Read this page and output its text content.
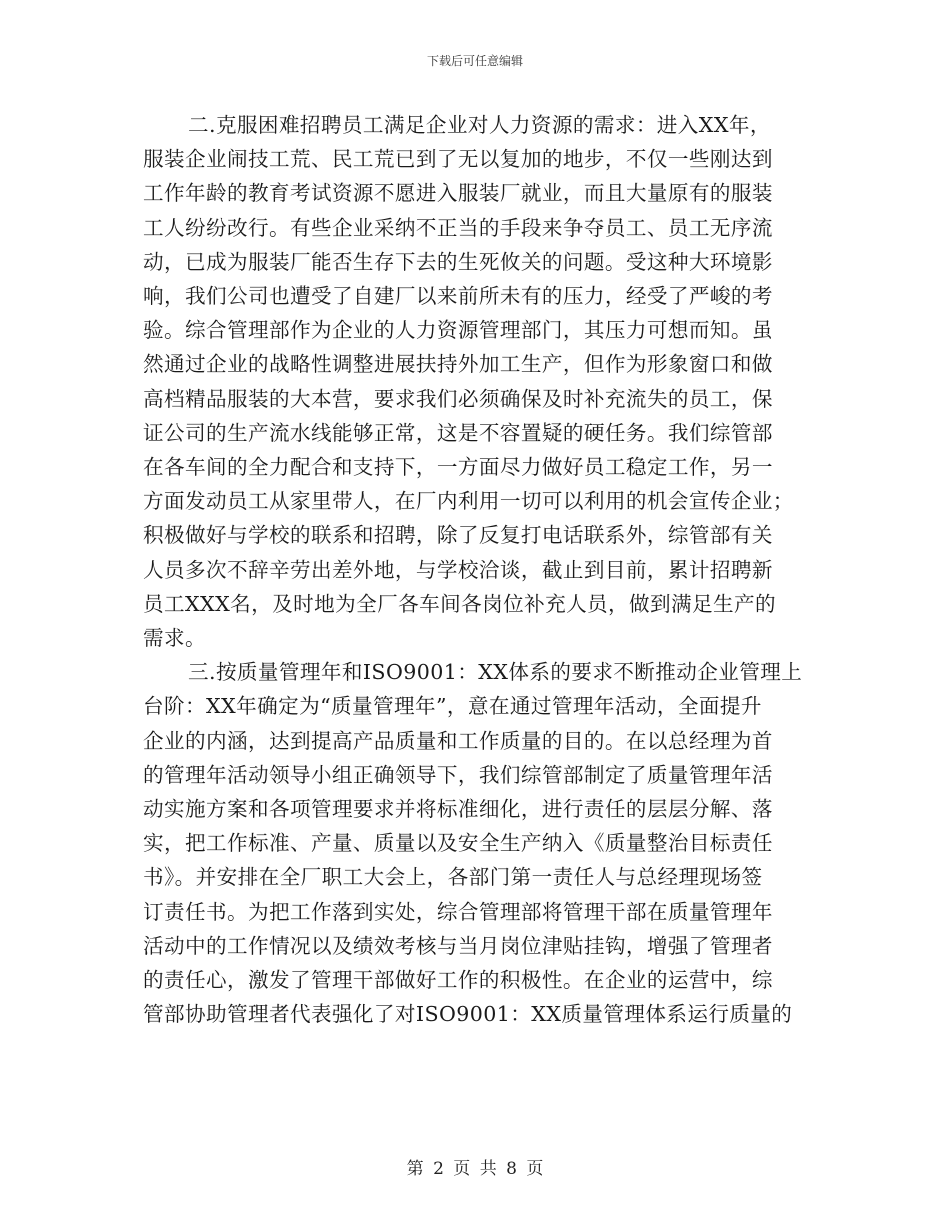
下载后可任意编辑
二.克服困难招聘员工满足企业对人力资源的需求：进入XX年，
服装企业闹技工荒、民工荒已到了无以复加的地步，不仅一些刚达到
工作年龄的教育考试资源不愿进入服装厂就业，而且大量原有的服装
工人纷纷改行。有些企业采纳不正当的手段来争夺员工、员工无序流
动，已成为服装厂能否生存下去的生死攸关的问题。受这种大环境影
响，我们公司也遭受了自建厂以来前所未有的压力，经受了严峻的考
验。综合管理部作为企业的人力资源管理部门，其压力可想而知。虽
然通过企业的战略性调整进展扶持外加工生产，但作为形象窗口和做
高档精品服装的大本营，要求我们必须确保及时补充流失的员工，保
证公司的生产流水线能够正常，这是不容置疑的硬任务。我们综管部
在各车间的全力配合和支持下，一方面尽力做好员工稳定工作，另一
方面发动员工从家里带人，在厂内利用一切可以利用的机会宣传企业；
积极做好与学校的联系和招聘，除了反复打电话联系外，综管部有关
人员多次不辞辛劳出差外地，与学校洽谈，截止到目前，累计招聘新
员工XXX名，及时地为全厂各车间各岗位补充人员，做到满足生产的
需求。
三.按质量管理年和ISO9001：XX体系的要求不断推动企业管理上
台阶：XX年确定为“质量管理年”，意在通过管理年活动，全面提升
企业的内涵，达到提高产品质量和工作质量的目的。在以总经理为首
的管理年活动领导小组正确领导下，我们综管部制定了质量管理年活
动实施方案和各项管理要求并将标准细化，进行责任的层层分解、落
实，把工作标准、产量、质量以及安全生产纳入《质量整治目标责任
书》。并安排在全厂职工大会上，各部门第一责任人与总经理现场签
订责任书。为把工作落到实处，综合管理部将管理干部在质量管理年
活动中的工作情况以及绩效考核与当月岗位津贴挂钩，增强了管理者
的责任心，激发了管理干部做好工作的积极性。在企业的运营中，综
管部协助管理者代表强化了对ISO9001：XX质量管理体系运行质量的
第 2 页 共 8 页
